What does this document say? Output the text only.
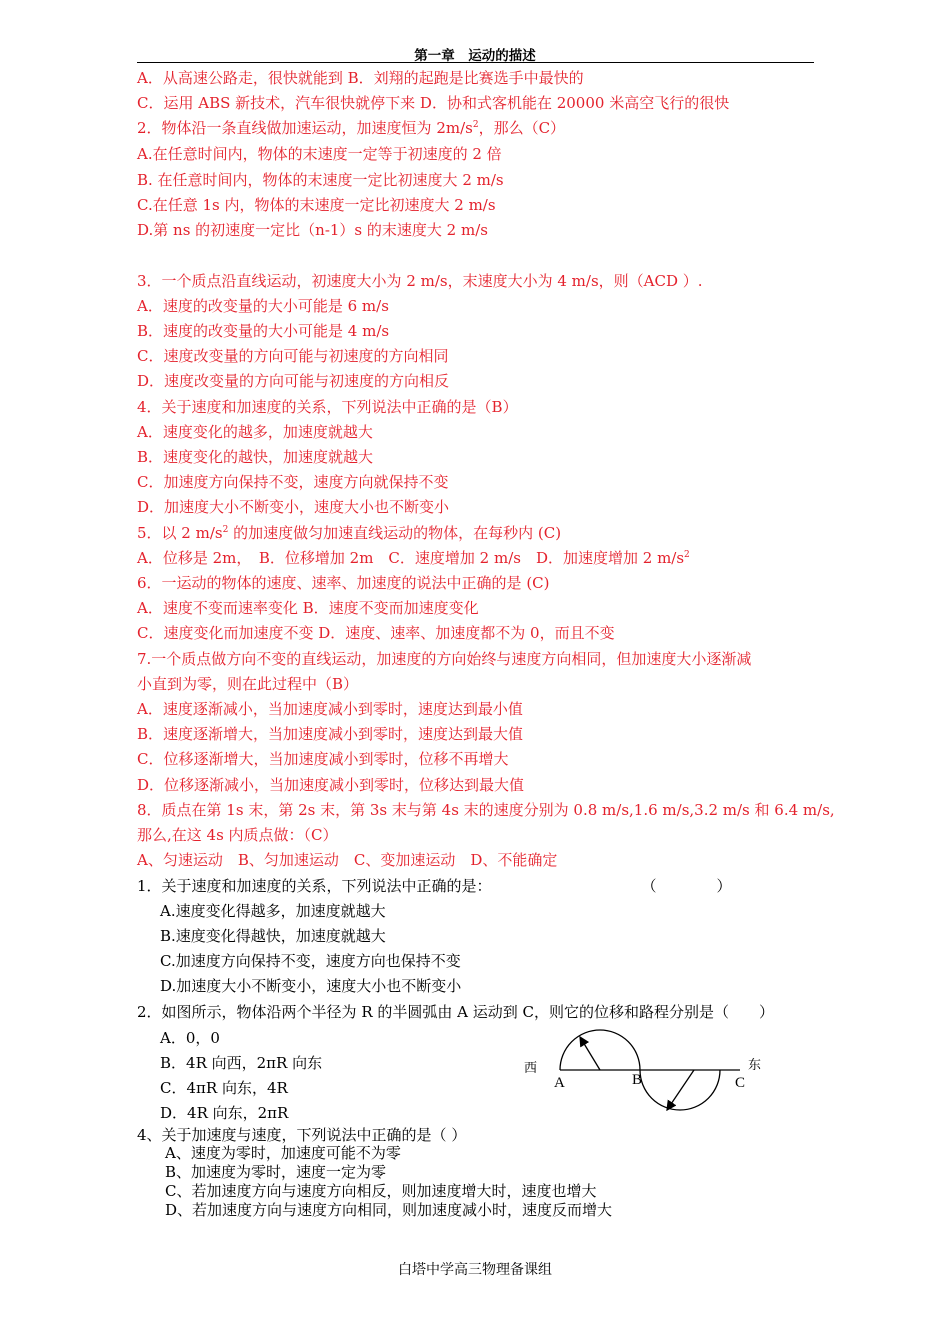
第一章　运动的描述
A．从高速公路走，很快就能到 B．刘翔的起跑是比赛选手中最快的
C．运用 ABS 新技术，汽车很快就停下来 D．协和式客机能在 20000 米高空飞行的很快
2．物体沿一条直线做加速运动，加速度恒为 $2m/s^2$，那么（C）
A.在任意时间内，物体的末速度一定等于初速度的 2 倍
B. 在任意时间内，物体的末速度一定比初速度大 2 m/s
C.在任意 1s 内，物体的末速度一定比初速度大 2 m/s
D.第 ns 的初速度一定比（n-1）s 的末速度大 2 m/s
3．一个质点沿直线运动，初速度大小为 2 m/s，末速度大小为 4 m/s，则（ACD ）.
A．速度的改变量的大小可能是 6 m/s
B．速度的改变量的大小可能是 4 m/s
C．速度改变量的方向可能与初速度的方向相同
D．速度改变量的方向可能与初速度的方向相反
4．关于速度和加速度的关系，下列说法中正确的是（B）
A．速度变化的越多，加速度就越大
B．速度变化的越快，加速度就越大
C．加速度方向保持不变，速度方向就保持不变
D．加速度大小不断变小，速度大小也不断变小
5．以 2 $m/s^2$ 的加速度做匀加速直线运动的物体，在每秒内 (C)
A．位移是 2m，　B．位移增加 2m　C．速度增加 2 m/s　D．加速度增加 2 $m/s^2$
6．一运动的物体的速度、速率、加速度的说法中正确的是 (C)
A．速度不变而速率变化 B．速度不变而加速度变化
C．速度变化而加速度不变 D．速度、速率、加速度都不为 0，而且不变
7.一个质点做方向不变的直线运动，加速度的方向始终与速度方向相同，但加速度大小逐渐减
小直到为零，则在此过程中（B）
A．速度逐渐减小，当加速度减小到零时，速度达到最小值
B．速度逐渐增大，当加速度减小到零时，速度达到最大值
C．位移逐渐增大，当加速度减小到零时，位移不再增大
D．位移逐渐减小，当加速度减小到零时，位移达到最大值
8．质点在第 1s 末，第 2s 末，第 3s 末与第 4s 末的速度分别为 0.8 m/s,1.6 m/s,3.2 m/s 和 6.4 m/s,
那么,在这 4s 内质点做：（C）
A、匀速运动　B、匀加速运动　C、变加速运动　D、不能确定
1．关于速度和加速度的关系，下列说法中正确的是：　　　　　　　　　　　（　　　　）
A.速度变化得越多，加速度就越大
B.速度变化得越快，加速度就越大
C.加速度方向保持不变，速度方向也保持不变
D.加速度大小不断变小，速度大小也不断变小
2．如图所示，物体沿两个半径为 R 的半圆弧由 A 运动到 C，则它的位移和路程分别是（　　）
A．0，0
B．4R 向西，2πR 向东
C．4πR 向东，4R
D．4R 向东，2πR
西	东
A	B	C
4、关于加速度与速度，下列说法中正确的是（ ）
A、速度为零时，加速度可能不为零
B、加速度为零时，速度一定为零
C、若加速度方向与速度方向相反，则加速度增大时，速度也增大
D、若加速度方向与速度方向相同，则加速度减小时，速度反而增大
白塔中学高三物理备课组
